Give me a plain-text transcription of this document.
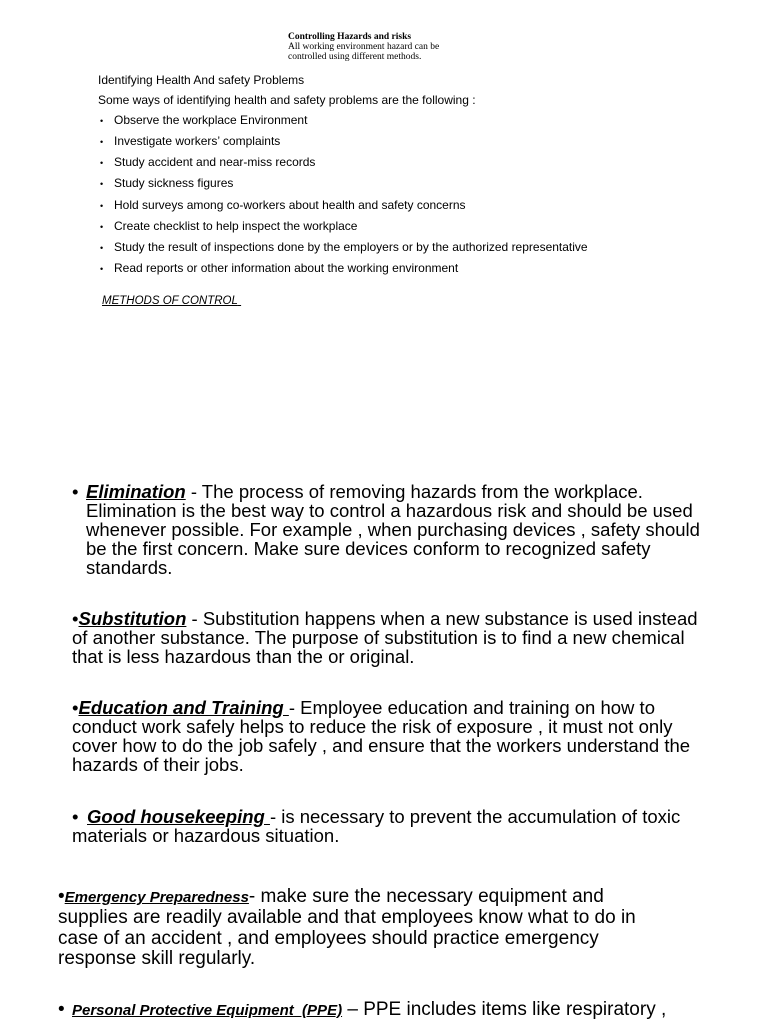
Controlling Hazards and risks
All working environment hazard can be
controlled using different methods.
Identifying Health And safety Problems
Some ways of identifying health and safety problems are the following :
• Observe the workplace Environment
• Investigate workers’ complaints
• Study accident and near-miss records
• Study sickness figures
• Hold surveys among co-workers about health and safety concerns
• Create checklist to help inspect the workplace
• Study the result of inspections done by the employers or by the authorized representative
• Read reports or other information about the working environment
METHODS OF CONTROL
• Elimination - The process of removing hazards from the workplace.
Elimination is the best way to control a hazardous risk and should be used
whenever possible. For example , when purchasing devices , safety should
be the first concern. Make sure devices conform to recognized safety
standards.
•Substitution - Substitution happens when a new substance is used instead
of another substance. The purpose of substitution is to find a new chemical
that is less hazardous than the or original.
•Education and Training - Employee education and training on how to
conduct work safely helps to reduce the risk of exposure , it must not only
cover how to do the job safely , and ensure that the workers understand the
hazards of their jobs.
• Good housekeeping - is necessary to prevent the accumulation of toxic
materials or hazardous situation.
•Emergency Preparedness- make sure the necessary equipment and
supplies are readily available and that employees know what to do in
case of an accident , and employees should practice emergency
response skill regularly.
• Personal Protective Equipment  (PPE) – PPE includes items like respiratory ,
